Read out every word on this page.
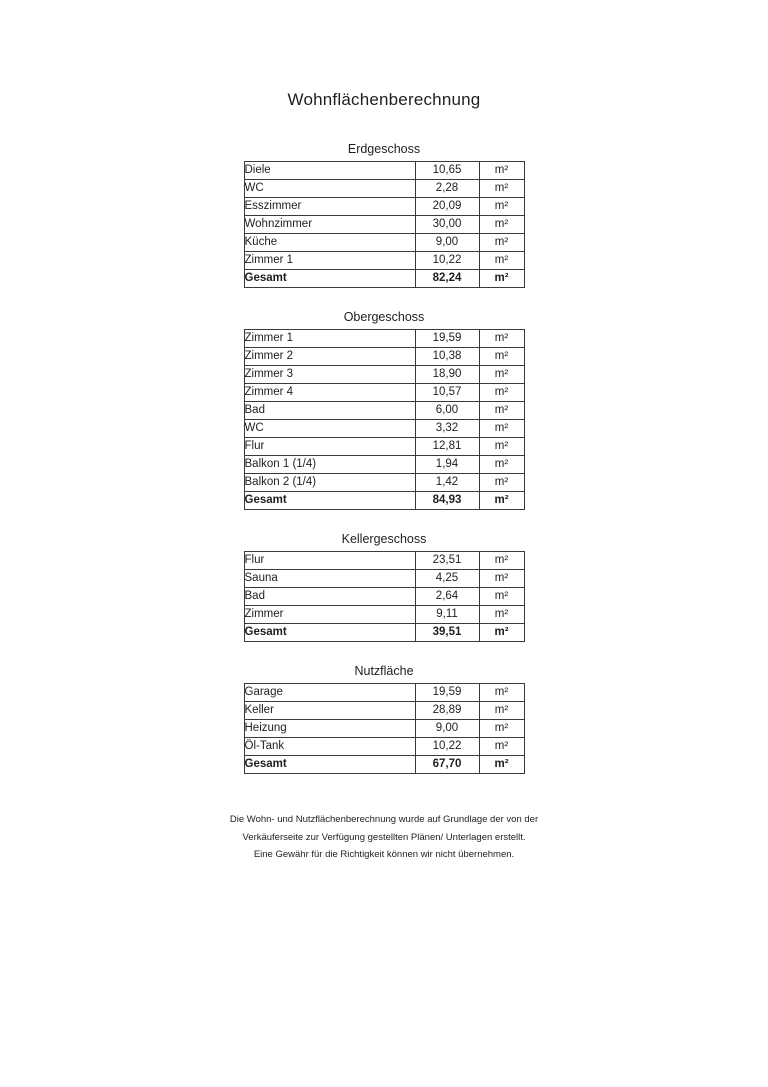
Wohnflächenberechnung
Erdgeschoss
Diele	10,65	m²
WC	2,28	m²
Esszimmer	20,09	m²
Wohnzimmer	30,00	m²
Küche	9,00	m²
Zimmer 1	10,22	m²
Gesamt	82,24	m²
Obergeschoss
Zimmer 1	19,59	m²
Zimmer 2	10,38	m²
Zimmer 3	18,90	m²
Zimmer 4	10,57	m²
Bad	6,00	m²
WC	3,32	m²
Flur	12,81	m²
Balkon 1 (1/4)	1,94	m²
Balkon 2 (1/4)	1,42	m²
Gesamt	84,93	m²
Kellergeschoss
Flur	23,51	m²
Sauna	4,25	m²
Bad	2,64	m²
Zimmer	9,11	m²
Gesamt	39,51	m²
Nutzfläche
Garage	19,59	m²
Keller	28,89	m²
Heizung	9,00	m²
Öl-Tank	10,22	m²
Gesamt	67,70	m²
Die Wohn- und Nutzflächenberechnung wurde auf Grundlage der von der
Verkäuferseite zur Verfügung gestellten Plänen/ Unterlagen erstellt.
Eine Gewähr für die Richtigkeit können wir nicht übernehmen.
